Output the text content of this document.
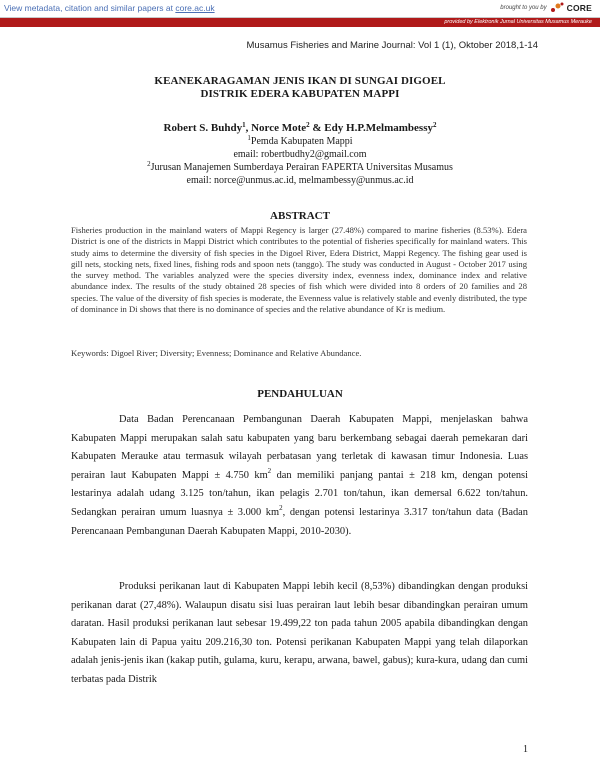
View metadata, citation and similar papers at core.ac.uk	brought to you by CORE
provided by Elektronik Jurnal Universitas Musamus Merauke
Musamus Fisheries and Marine Journal: Vol 1 (1), Oktober 2018,1-14
KEANEKARAGAMAN JENIS IKAN DI SUNGAI DIGOEL
DISTRIK EDERA KABUPATEN MAPPI
Robert S. Buhdy$^1$, Norce Mote$^2$ & Edy H.P.Melmambessy$^2$
$^1$Pemda Kabupaten Mappi
email: robertbudhy2@gmail.com
$^2$Jurusan Manajemen Sumberdaya Perairan FAPERTA Universitas Musamus
email: norce@unmus.ac.id, melmambessy@unmus.ac.id
ABSTRACT
Fisheries production in the mainland waters of Mappi Regency is larger (27.48%) compared to marine fisheries (8.53%). Edera District is one of the districts in Mappi District which contributes to the potential of fisheries specifically for mainland waters. This study aims to determine the diversity of fish species in the Digoel River, Edera District, Mappi Regency. The fishing gear used is gill nets, stocking nets, fixed lines, fishing rods and spoon nets (tanggo). The study was conducted in August - October 2017 using the survey method. The variables analyzed were the species diversity index, evenness index, dominance index and relative abundance index. The results of the study obtained 28 species of fish which were divided into 8 orders of 20 families and 28 species. The value of the diversity of fish species is moderate, the Evenness value is relatively stable and evenly distributed, the type of dominance in Di shows that there is no dominance of species and the relative abundance of Kr is medium.
Keywords: Digoel River; Diversity; Evenness; Dominance and Relative Abundance.
PENDAHULUAN

Data Badan Perencanaan Pembangunan Daerah Kabupaten Mappi, menjelaskan bahwa Kabupaten Mappi merupakan salah satu kabupaten yang baru berkembang sebagai daerah pemekaran dari Kabupaten Merauke atau termasuk wilayah perbatasan yang terletak di kawasan timur Indonesia. Luas perairan laut Kabupaten Mappi ± 4.750 $km^2$ dan memiliki panjang pantai ± 218 km, dengan potensi lestarinya adalah udang 3.125 ton/tahun, ikan pelagis 2.701 ton/tahun, ikan demersal 6.622 ton/tahun. Sedangkan perairan umum luasnya ± 3.000 $km^2$, dengan potensi lestarinya 3.317 ton/tahun data (Badan Perencanaan Pembangunan Daerah Kabupaten Mappi, 2010-2030).

Produksi perikanan laut di Kabupaten Mappi lebih kecil (8,53%) dibandingkan dengan produksi perikanan darat (27,48%). Walaupun disatu sisi luas perairan laut lebih besar dibandingkan perairan umum daratan. Hasil produksi perikanan laut sebesar 19.499,22 ton pada tahun 2005 apabila dibandingkan dengan Kabupaten lain di Papua yaitu 209.216,30 ton. Potensi perikanan Kabupaten Mappi yang telah dilaporkan adalah jenis-jenis ikan (kakap putih, gulama, kuru, kerapu, arwana, bawel, gabus); kura-kura, udang dan cumi terbatas pada Distrik

1
